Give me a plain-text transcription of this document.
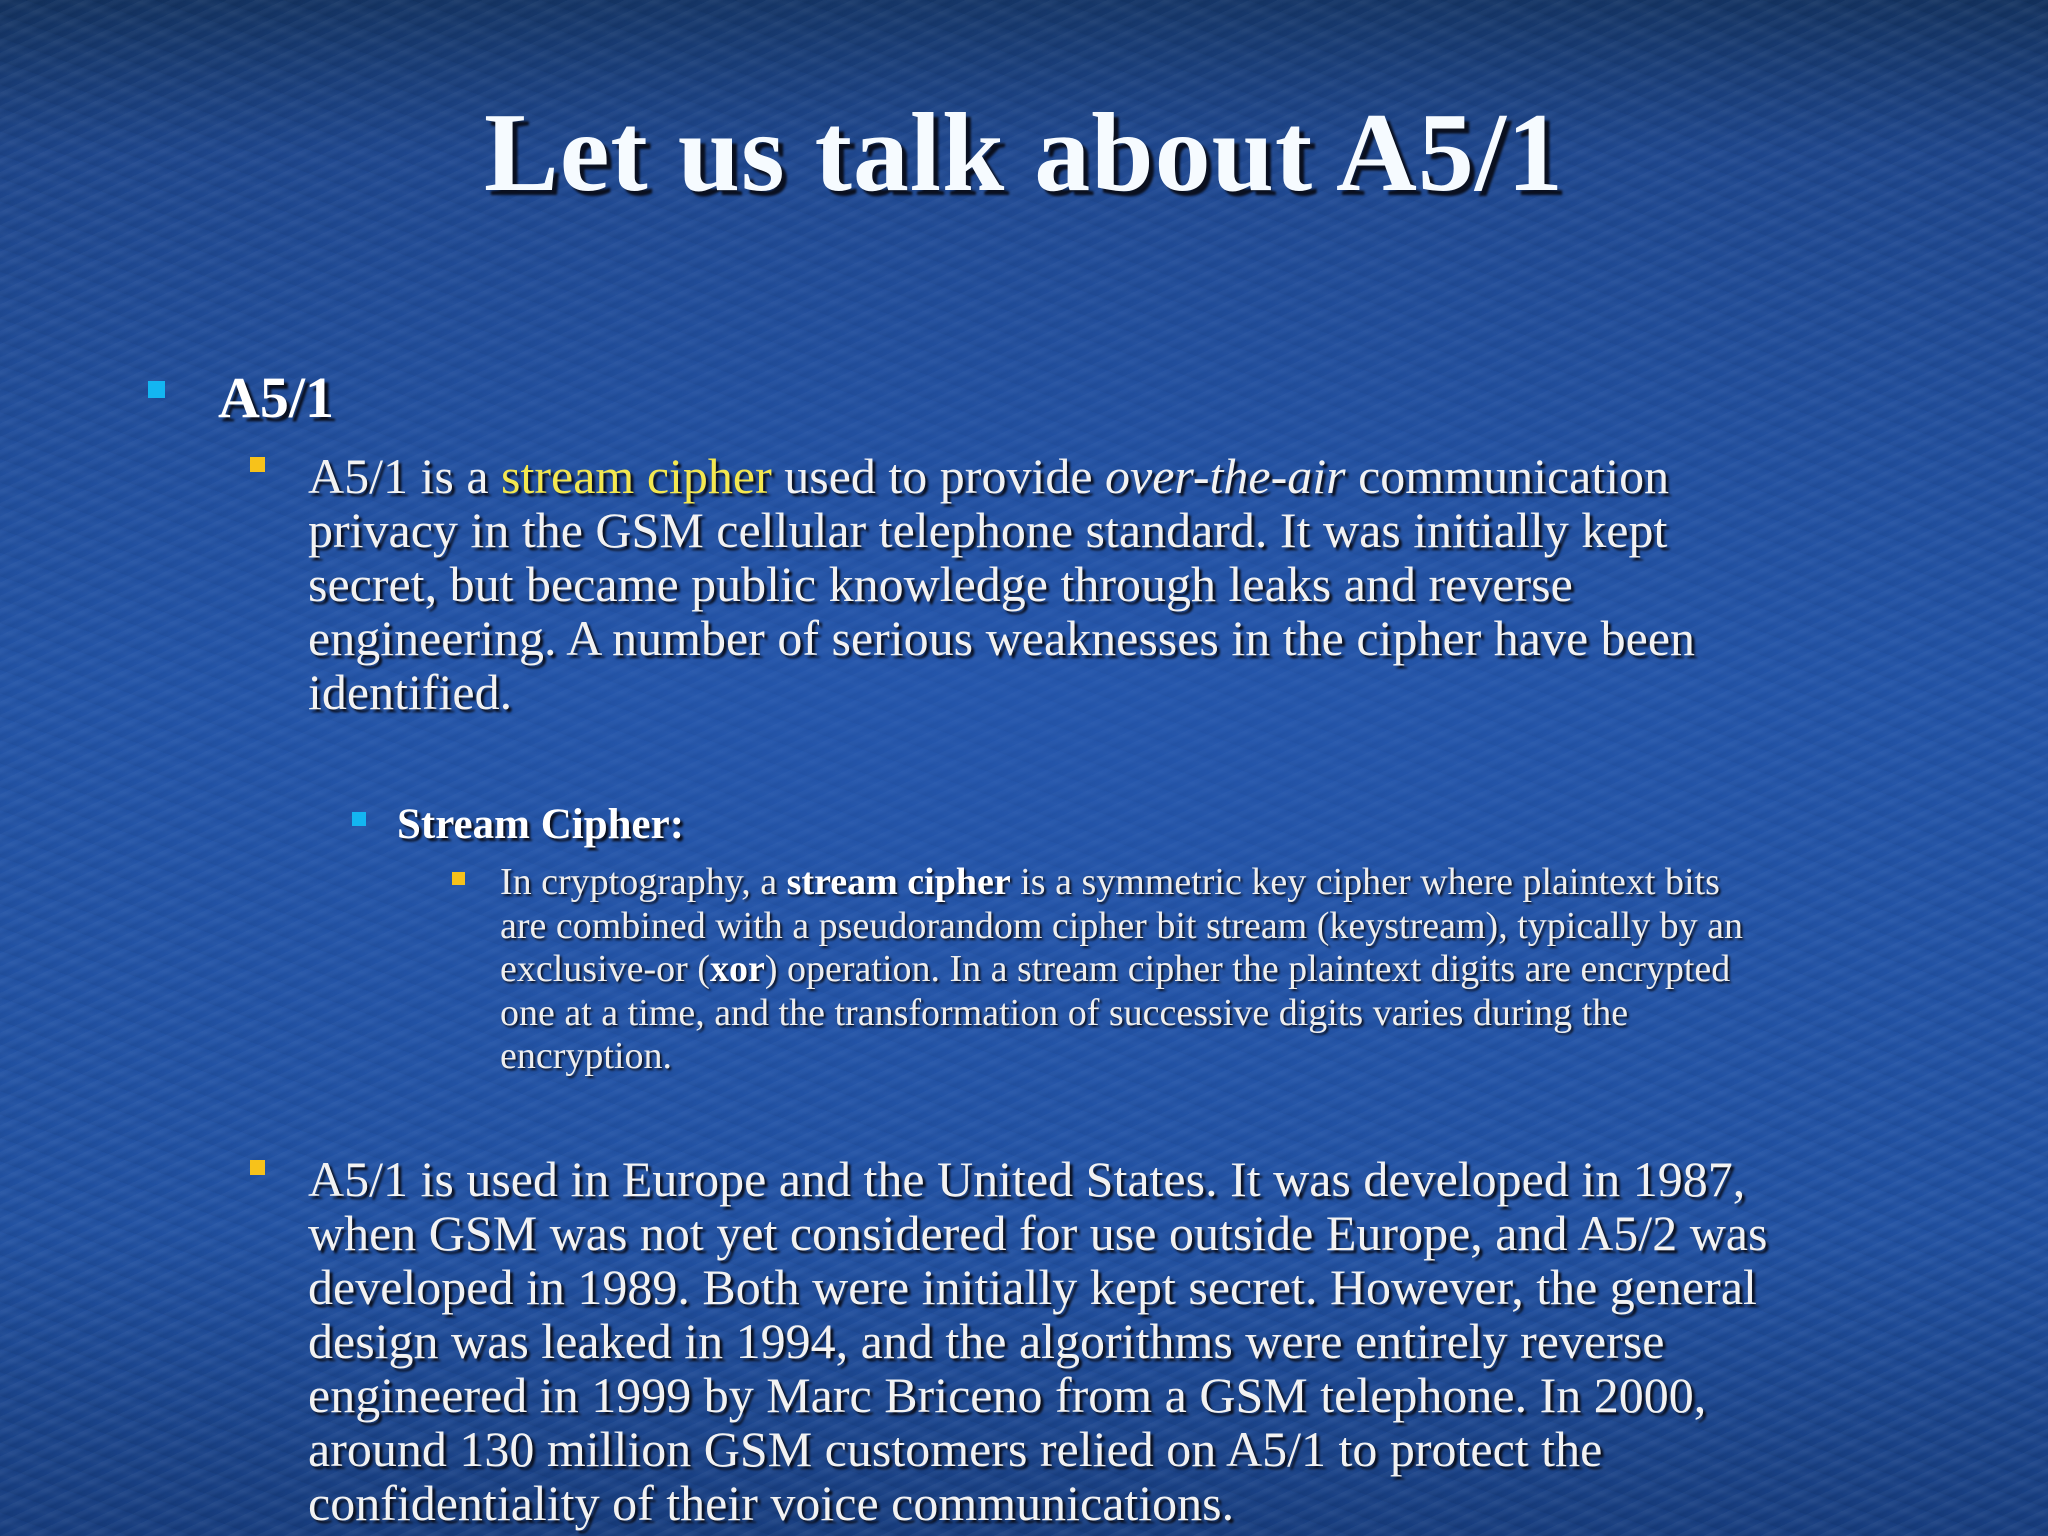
Let us talk about A5/1

A5/1

A5/1 is a stream cipher used to provide over-the-air communication
privacy in the GSM cellular telephone standard. It was initially kept
secret, but became public knowledge through leaks and reverse
engineering. A number of serious weaknesses in the cipher have been
identified.

Stream Cipher:

In cryptography, a stream cipher is a symmetric key cipher where plaintext bits
are combined with a pseudorandom cipher bit stream (keystream), typically by an
exclusive-or (xor) operation. In a stream cipher the plaintext digits are encrypted
one at a time, and the transformation of successive digits varies during the
encryption.

A5/1 is used in Europe and the United States. It was developed in 1987,
when GSM was not yet considered for use outside Europe, and A5/2 was
developed in 1989. Both were initially kept secret. However, the general
design was leaked in 1994, and the algorithms were entirely reverse
engineered in 1999 by Marc Briceno from a GSM telephone. In 2000,
around 130 million GSM customers relied on A5/1 to protect the
confidentiality of their voice communications.
